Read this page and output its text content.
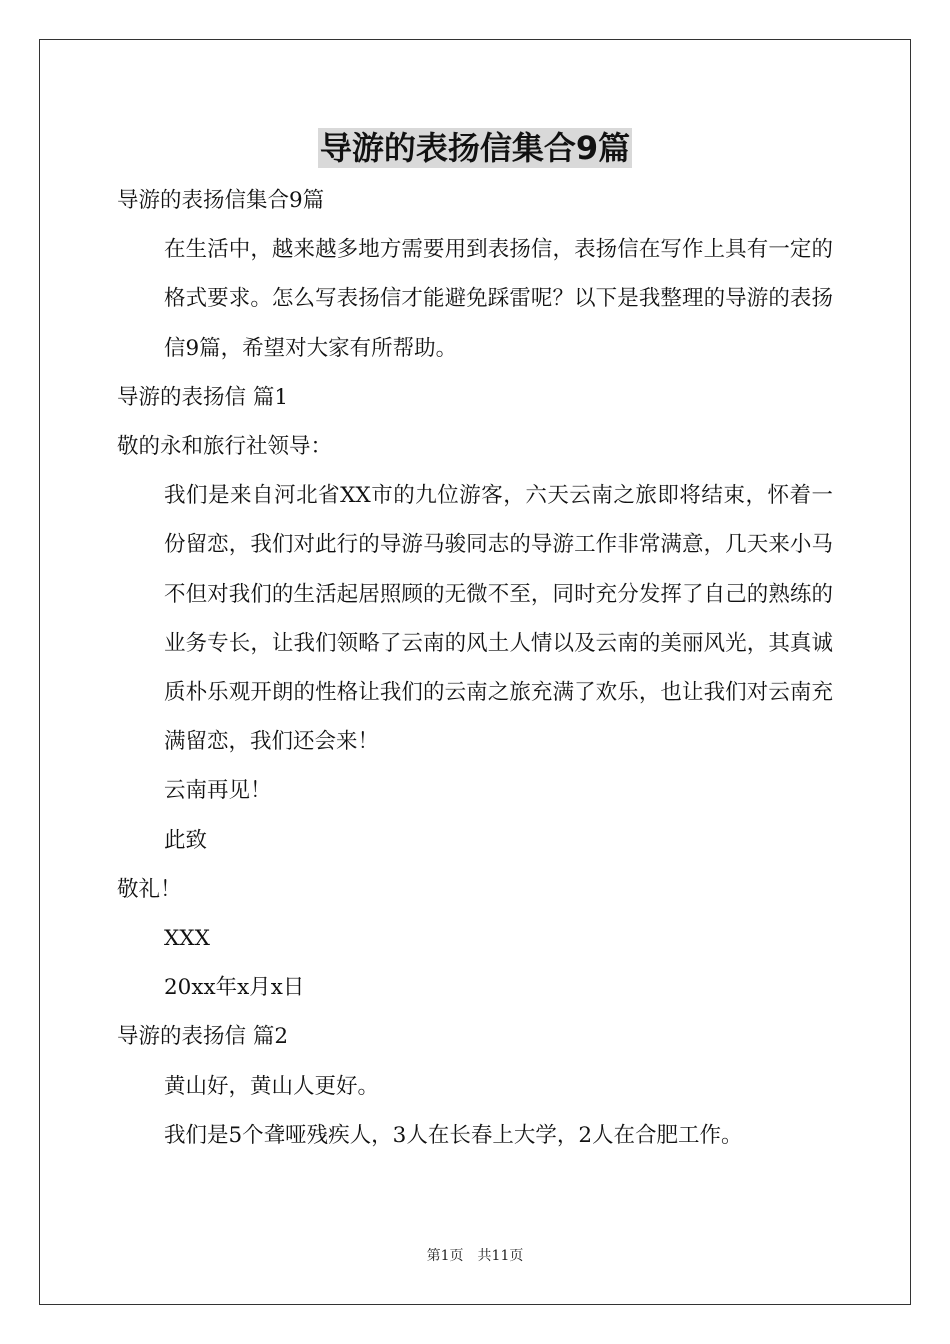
导游的表扬信集合9篇
导游的表扬信集合9篇
在生活中，越来越多地方需要用到表扬信，表扬信在写作上具有一定的格式要求。怎么写表扬信才能避免踩雷呢？以下是我整理的导游的表扬信9篇，希望对大家有所帮助。
导游的表扬信 篇1
敬的永和旅行社领导：
我们是来自河北省XX市的九位游客，六天云南之旅即将结束，怀着一份留恋，我们对此行的导游马骏同志的导游工作非常满意，几天来小马不但对我们的生活起居照顾的无微不至，同时充分发挥了自己的熟练的业务专长，让我们领略了云南的风土人情以及云南的美丽风光，其真诚质朴乐观开朗的性格让我们的云南之旅充满了欢乐，也让我们对云南充满留恋，我们还会来！
云南再见！
此致
敬礼！
XXX
20xx年x月x日
导游的表扬信 篇2
黄山好，黄山人更好。
我们是5个聋哑残疾人，3人在长春上大学，2人在合肥工作。
第1页 共11页
